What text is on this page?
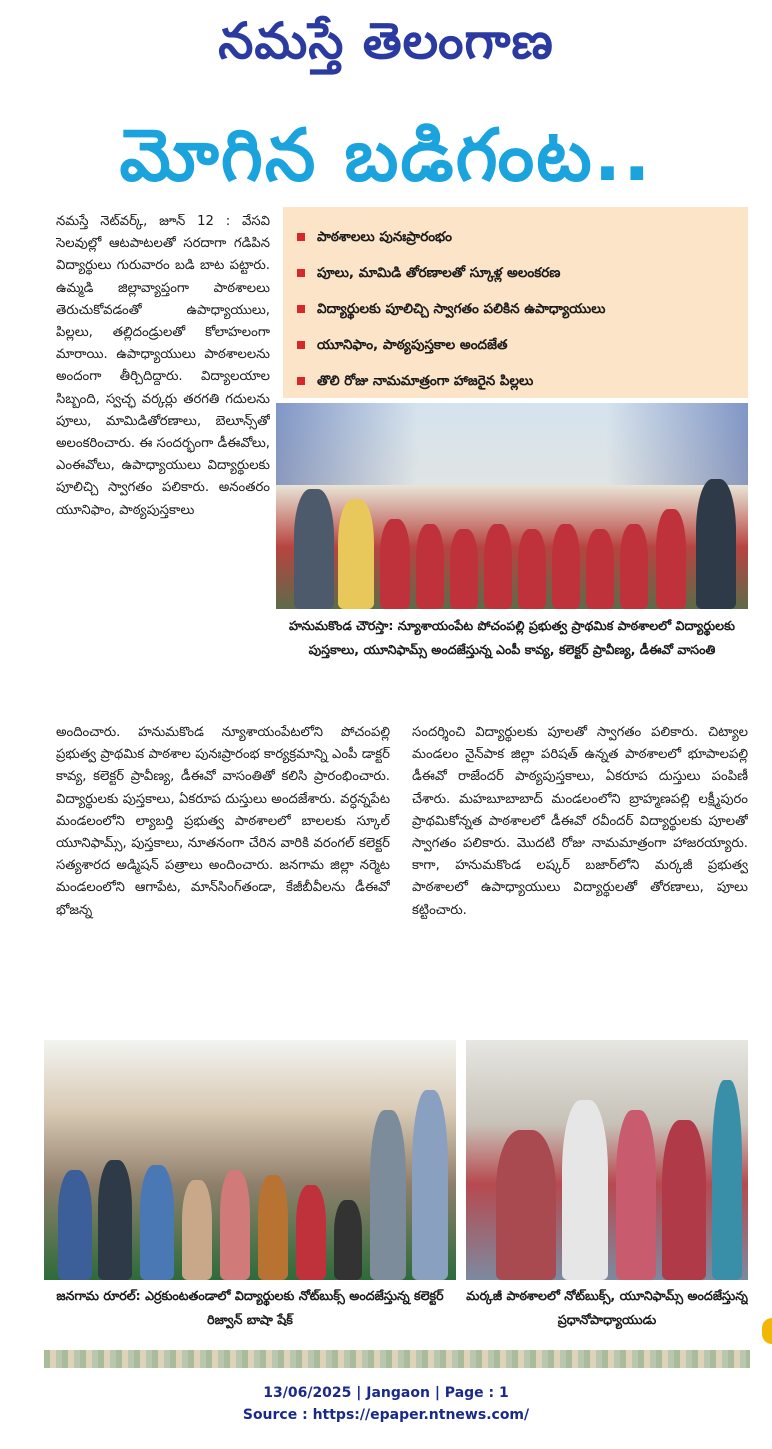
నమస్తే తెలంగాణ
మోగిన బడిగంట..

నమస్తే నెట్‌వర్క్, జూన్ 12 : వేసవి సెలవుల్లో ఆటపాటలతో సరదాగా గడిపిన విద్యార్థులు గురువారం బడి బాట పట్టారు. ఉమ్మడి జిల్లావ్యాప్తంగా పాఠశాలలు తెరుచుకోవడంతో ఉపాధ్యాయులు, పిల్లలు, తల్లిదండ్రులతో కోలాహలంగా మారాయి. ఉపాధ్యాయులు పాఠశాలలను అందంగా తీర్చిదిద్దారు. విద్యాలయాల సిబ్బంది, స్వచ్ఛ వర్కర్లు తరగతి గదులను పూలు, మామిడితోరణాలు, బెలూన్స్‌తో అలంకరించారు. ఈ సందర్భంగా డీఈవోలు, ఎంఈవోలు, ఉపాధ్యాయులు విద్యార్థులకు పూలిచ్చి స్వాగతం పలికారు. అనంతరం యూనిఫాం, పాఠ్యపుస్తకాలు

పాఠశాలలు పునఃప్రారంభం
పూలు, మామిడి తోరణాలతో స్కూళ్ల అలంకరణ
విద్యార్థులకు పూలిచ్చి స్వాగతం పలికిన ఉపాధ్యాయులు
యూనిఫాం, పాఠ్యపుస్తకాల అందజేత
తొలి రోజు నామమాత్రంగా హాజరైన పిల్లలు
హనుమకొండ చౌరస్తా: న్యూశాయంపేట పోచంపల్లి ప్రభుత్వ ప్రాథమిక పాఠశాలలో విద్యార్థులకు పుస్తకాలు, యూనిఫామ్స్ అందజేస్తున్న ఎంపీ కావ్య, కలెక్టర్ ప్రావీణ్య, డీఈవో వాసంతి

అందించారు. హనుమకొండ న్యూశాయంపేటలోని పోచంపల్లి ప్రభుత్వ ప్రాథమిక పాఠశాల పునఃప్రారంభ కార్యక్రమాన్ని ఎంపీ డాక్టర్ కావ్య, కలెక్టర్ ప్రావీణ్య, డీఈవో వాసంతితో కలిసి ప్రారంభించారు. విద్యార్థులకు పుస్తకాలు, ఏకరూప దుస్తులు అందజేశారు. వర్ధన్నపేట మండలంలోని ల్యాబర్తి ప్రభుత్వ పాఠశాలలో బాలలకు స్కూల్ యూనిఫామ్స్, పుస్తకాలు, నూతనంగా చేరిన వారికి వరంగల్ కలెక్టర్ సత్యశారద అడ్మిషన్ పత్రాలు అందించారు. జనగామ జిల్లా నర్మెట మండలంలోని ఆగాపేట, మాన్‌సింగ్‌తండా, కేజీబీవీలను డీఈవో భోజన్న

సందర్శించి విద్యార్థులకు పూలతో స్వాగతం పలికారు. చిట్యాల మండలం నైన్‌పాక జిల్లా పరిషత్ ఉన్నత పాఠశాలలో భూపాలపల్లి డీఈవో రాజేందర్ పాఠ్యపుస్తకాలు, ఏకరూప దుస్తులు పంపిణీ చేశారు. మహబూబాబాద్ మండలంలోని బ్రాహ్మణపల్లి లక్ష్మీపురం ప్రాథమికోన్నత పాఠశాలలో డీఈవో రవీందర్ విద్యార్థులకు పూలతో స్వాగతం పలికారు. మొదటి రోజు నామమాత్రంగా హాజరయ్యారు. కాగా, హనుమకొండ లష్కర్ బజార్‌లోని మర్కజీ ప్రభుత్వ పాఠశాలలో ఉపాధ్యాయులు విద్యార్థులతో తోరణాలు, పూలు కట్టించారు.

జనగామ రూరల్: ఎర్రకుంటతండాలో విద్యార్థులకు నోట్‌బుక్స్ అందజేస్తున్న కలెక్టర్ రిజ్వాన్ బాషా షేక్
మర్కజీ పాఠశాలలో నోట్‌బుక్స్, యూనిఫామ్స్ అందజేస్తున్న ప్రధానోపాధ్యాయుడు
13/06/2025 | Jangaon | Page : 1
Source : https://epaper.ntnews.com/
